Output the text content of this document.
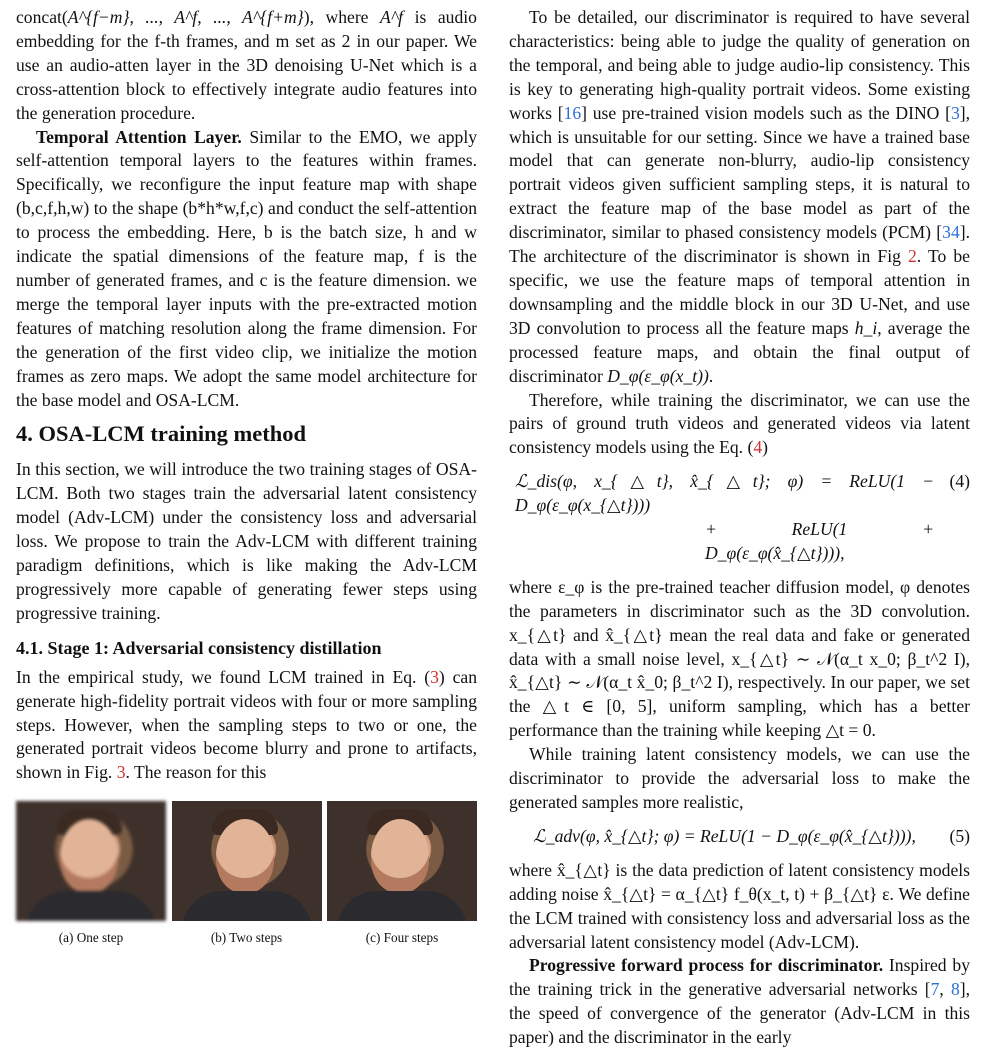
concat(A^{f−m}, ..., A^f, ..., A^{f+m}), where A^f is audio embedding for the f-th frames, and m set as 2 in our paper. We use an audio-atten layer in the 3D denoising U-Net which is a cross-attention block to effectively integrate audio features into the generation procedure.

Temporal Attention Layer. Similar to the EMO, we apply self-attention temporal layers to the features within frames. Specifically, we reconfigure the input feature map with shape (b,c,f,h,w) to the shape (b*h*w,f,c) and conduct the self-attention to process the embedding. Here, b is the batch size, h and w indicate the spatial dimensions of the feature map, f is the number of generated frames, and c is the feature dimension. we merge the temporal layer inputs with the pre-extracted motion features of matching resolution along the frame dimension. For the generation of the first video clip, we initialize the motion frames as zero maps. We adopt the same model architecture for the base model and OSA-LCM.

4. OSA-LCM training method

In this section, we will introduce the two training stages of OSA-LCM. Both two stages train the adversarial latent consistency model (Adv-LCM) under the consistency loss and adversarial loss. We propose to train the Adv-LCM with different training paradigm definitions, which is like making the Adv-LCM progressively more capable of generating fewer steps using progressive training.

4.1. Stage 1: Adversarial consistency distillation

In the empirical study, we found LCM trained in Eq. (3) can generate high-fidelity portrait videos with four or more sampling steps. However, when the sampling steps to two or one, the generated portrait videos become blurry and prone to artifacts, shown in Fig. 3. The reason for this

(a) One step	(b) Two steps	(c) Four steps

To be detailed, our discriminator is required to have several characteristics: being able to judge the quality of generation on the temporal, and being able to judge audio-lip consistency. This is key to generating high-quality portrait videos. Some existing works [16] use pre-trained vision models such as the DINO [3], which is unsuitable for our setting. Since we have a trained base model that can generate non-blurry, audio-lip consistency portrait videos given sufficient sampling steps, it is natural to extract the feature map of the base model as part of the discriminator, similar to phased consistency models (PCM) [34]. The architecture of the discriminator is shown in Fig 2. To be specific, we use the feature maps of temporal attention in downsampling and the middle block in our 3D U-Net, and use 3D convolution to process all the feature maps h_i, average the processed feature maps, and obtain the final output of discriminator D_φ(ε_φ(x_t)).

Therefore, while training the discriminator, we can use the pairs of ground truth videos and generated videos via latent consistency models using the Eq. (4)

ℒ_dis(φ, x_{△t}, x̂_{△t}; φ) = ReLU(1 − D_φ(ε_φ(x_{△t})))
+ ReLU(1 + D_φ(ε_φ(x̂_{△t}))),
(4)

where ε_φ is the pre-trained teacher diffusion model, φ denotes the parameters in discriminator such as the 3D convolution. x_{△t} and x̂_{△t} mean the real data and fake or generated data with a small noise level, x_{△t} ∼ 𝒩(α_t x_0; β_t^2 I), x̂_{△t} ∼ 𝒩(α_t x̂_0; β_t^2 I), respectively. In our paper, we set the △t ∈ [0, 5], uniform sampling, which has a better performance than the training while keeping △t = 0.

While training latent consistency models, we can use the discriminator to provide the adversarial loss to make the generated samples more realistic,

ℒ_adv(φ, x̂_{△t}; φ) = ReLU(1 − D_φ(ε_φ(x̂_{△t}))),	(5)

where x̂_{△t} is the data prediction of latent consistency models adding noise x̂_{△t} = α_{△t} f_θ(x_t, t) + β_{△t} ε. We define the LCM trained with consistency loss and adversarial loss as the adversarial latent consistency model (Adv-LCM).

Progressive forward process for discriminator. Inspired by the training trick in the generative adversarial networks [7, 8], the speed of convergence of the generator (Adv-LCM in this paper) and the discriminator in the early
